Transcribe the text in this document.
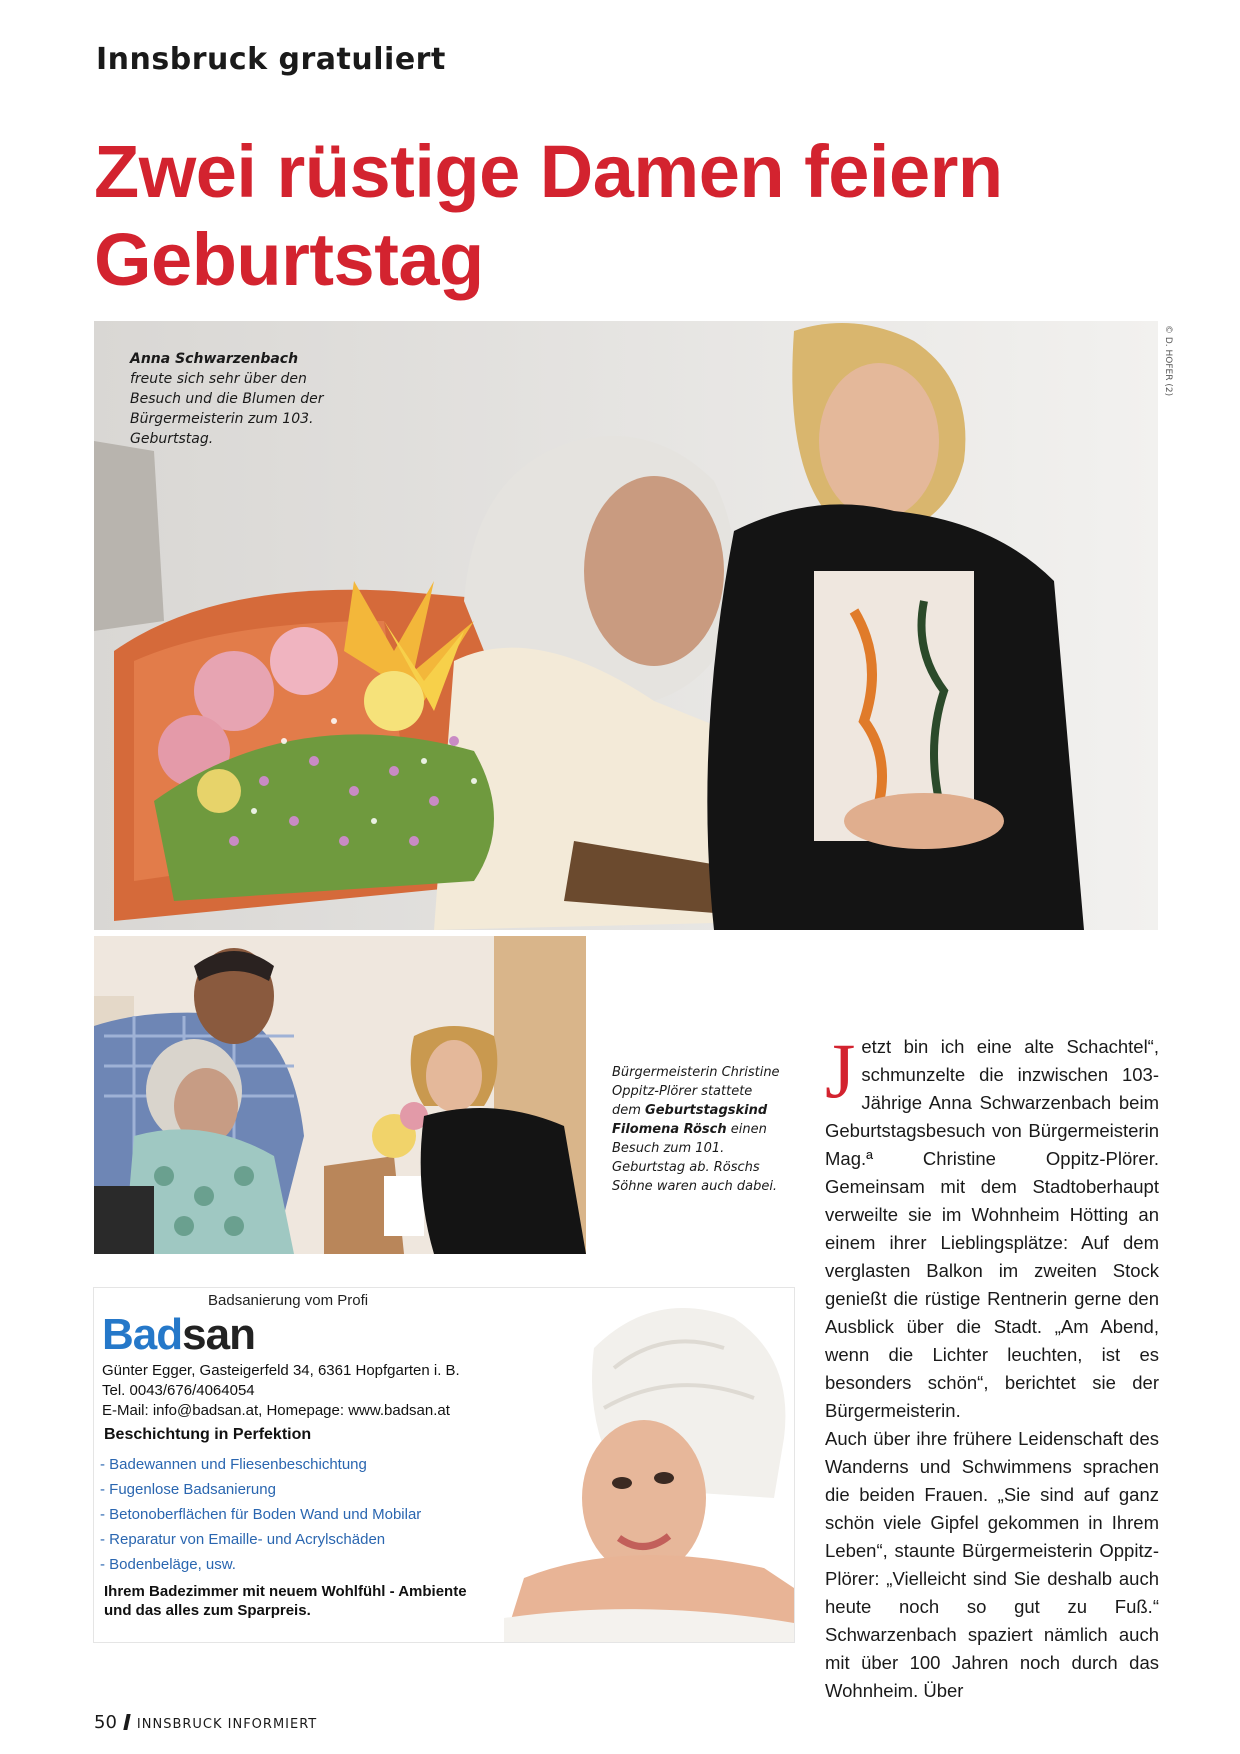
Innsbruck gratuliert
Zwei rüstige Damen feiern
Geburtstag
© D. HOFER (2)
Anna Schwarzenbach freute sich sehr über den Besuch und die Blumen der Bürgermeisterin zum 103. Geburtstag.
Bürgermeisterin Christine Oppitz-Plörer stattete dem Geburtstagskind Filomena Rösch einen Besuch zum 101. Geburtstag ab. Röschs Söhne waren auch dabei.
Badsanierung vom Profi
Badsan
Günter Egger, Gasteigerfeld 34, 6361 Hopfgarten i. B.
Tel. 0043/676/4064054
E-Mail: info@badsan.at, Homepage: www.badsan.at
Beschichtung in Perfektion
- Badewannen und Fliesenbeschichtung
- Fugenlose Badsanierung
- Betonoberflächen für Boden Wand und Mobilar
- Reparatur von Emaille- und Acrylschäden
- Bodenbeläge, usw.
Ihrem Badezimmer mit neuem Wohlfühl - Ambiente
und das alles zum Sparpreis.

Jetzt bin ich eine alte Schachtel“, schmunzelte die inzwischen 103-Jährige Anna Schwarzenbach beim Geburtstagsbesuch von Bürgermeisterin Mag.ª Christine Oppitz-Plörer. Gemeinsam mit dem Stadtoberhaupt verweilte sie im Wohnheim Hötting an einem ihrer Lieblingsplätze: Auf dem verglasten Balkon im zweiten Stock genießt die rüstige Rentnerin gerne den Ausblick über die Stadt. „Am Abend, wenn die Lichter leuchten, ist es besonders schön“, berichtet sie der Bürgermeisterin.

Auch über ihre frühere Leidenschaft des Wanderns und Schwimmens sprachen die beiden Frauen. „Sie sind auf ganz schön viele Gipfel gekommen in Ihrem Leben“, staunte Bürgermeisterin Oppitz-Plörer: „Vielleicht sind Sie deshalb auch heute noch so gut zu Fuß.“ Schwarzenbach spaziert nämlich auch mit über 100 Jahren noch durch das Wohnheim. Über

50 INNSBRUCK INFORMIERT
